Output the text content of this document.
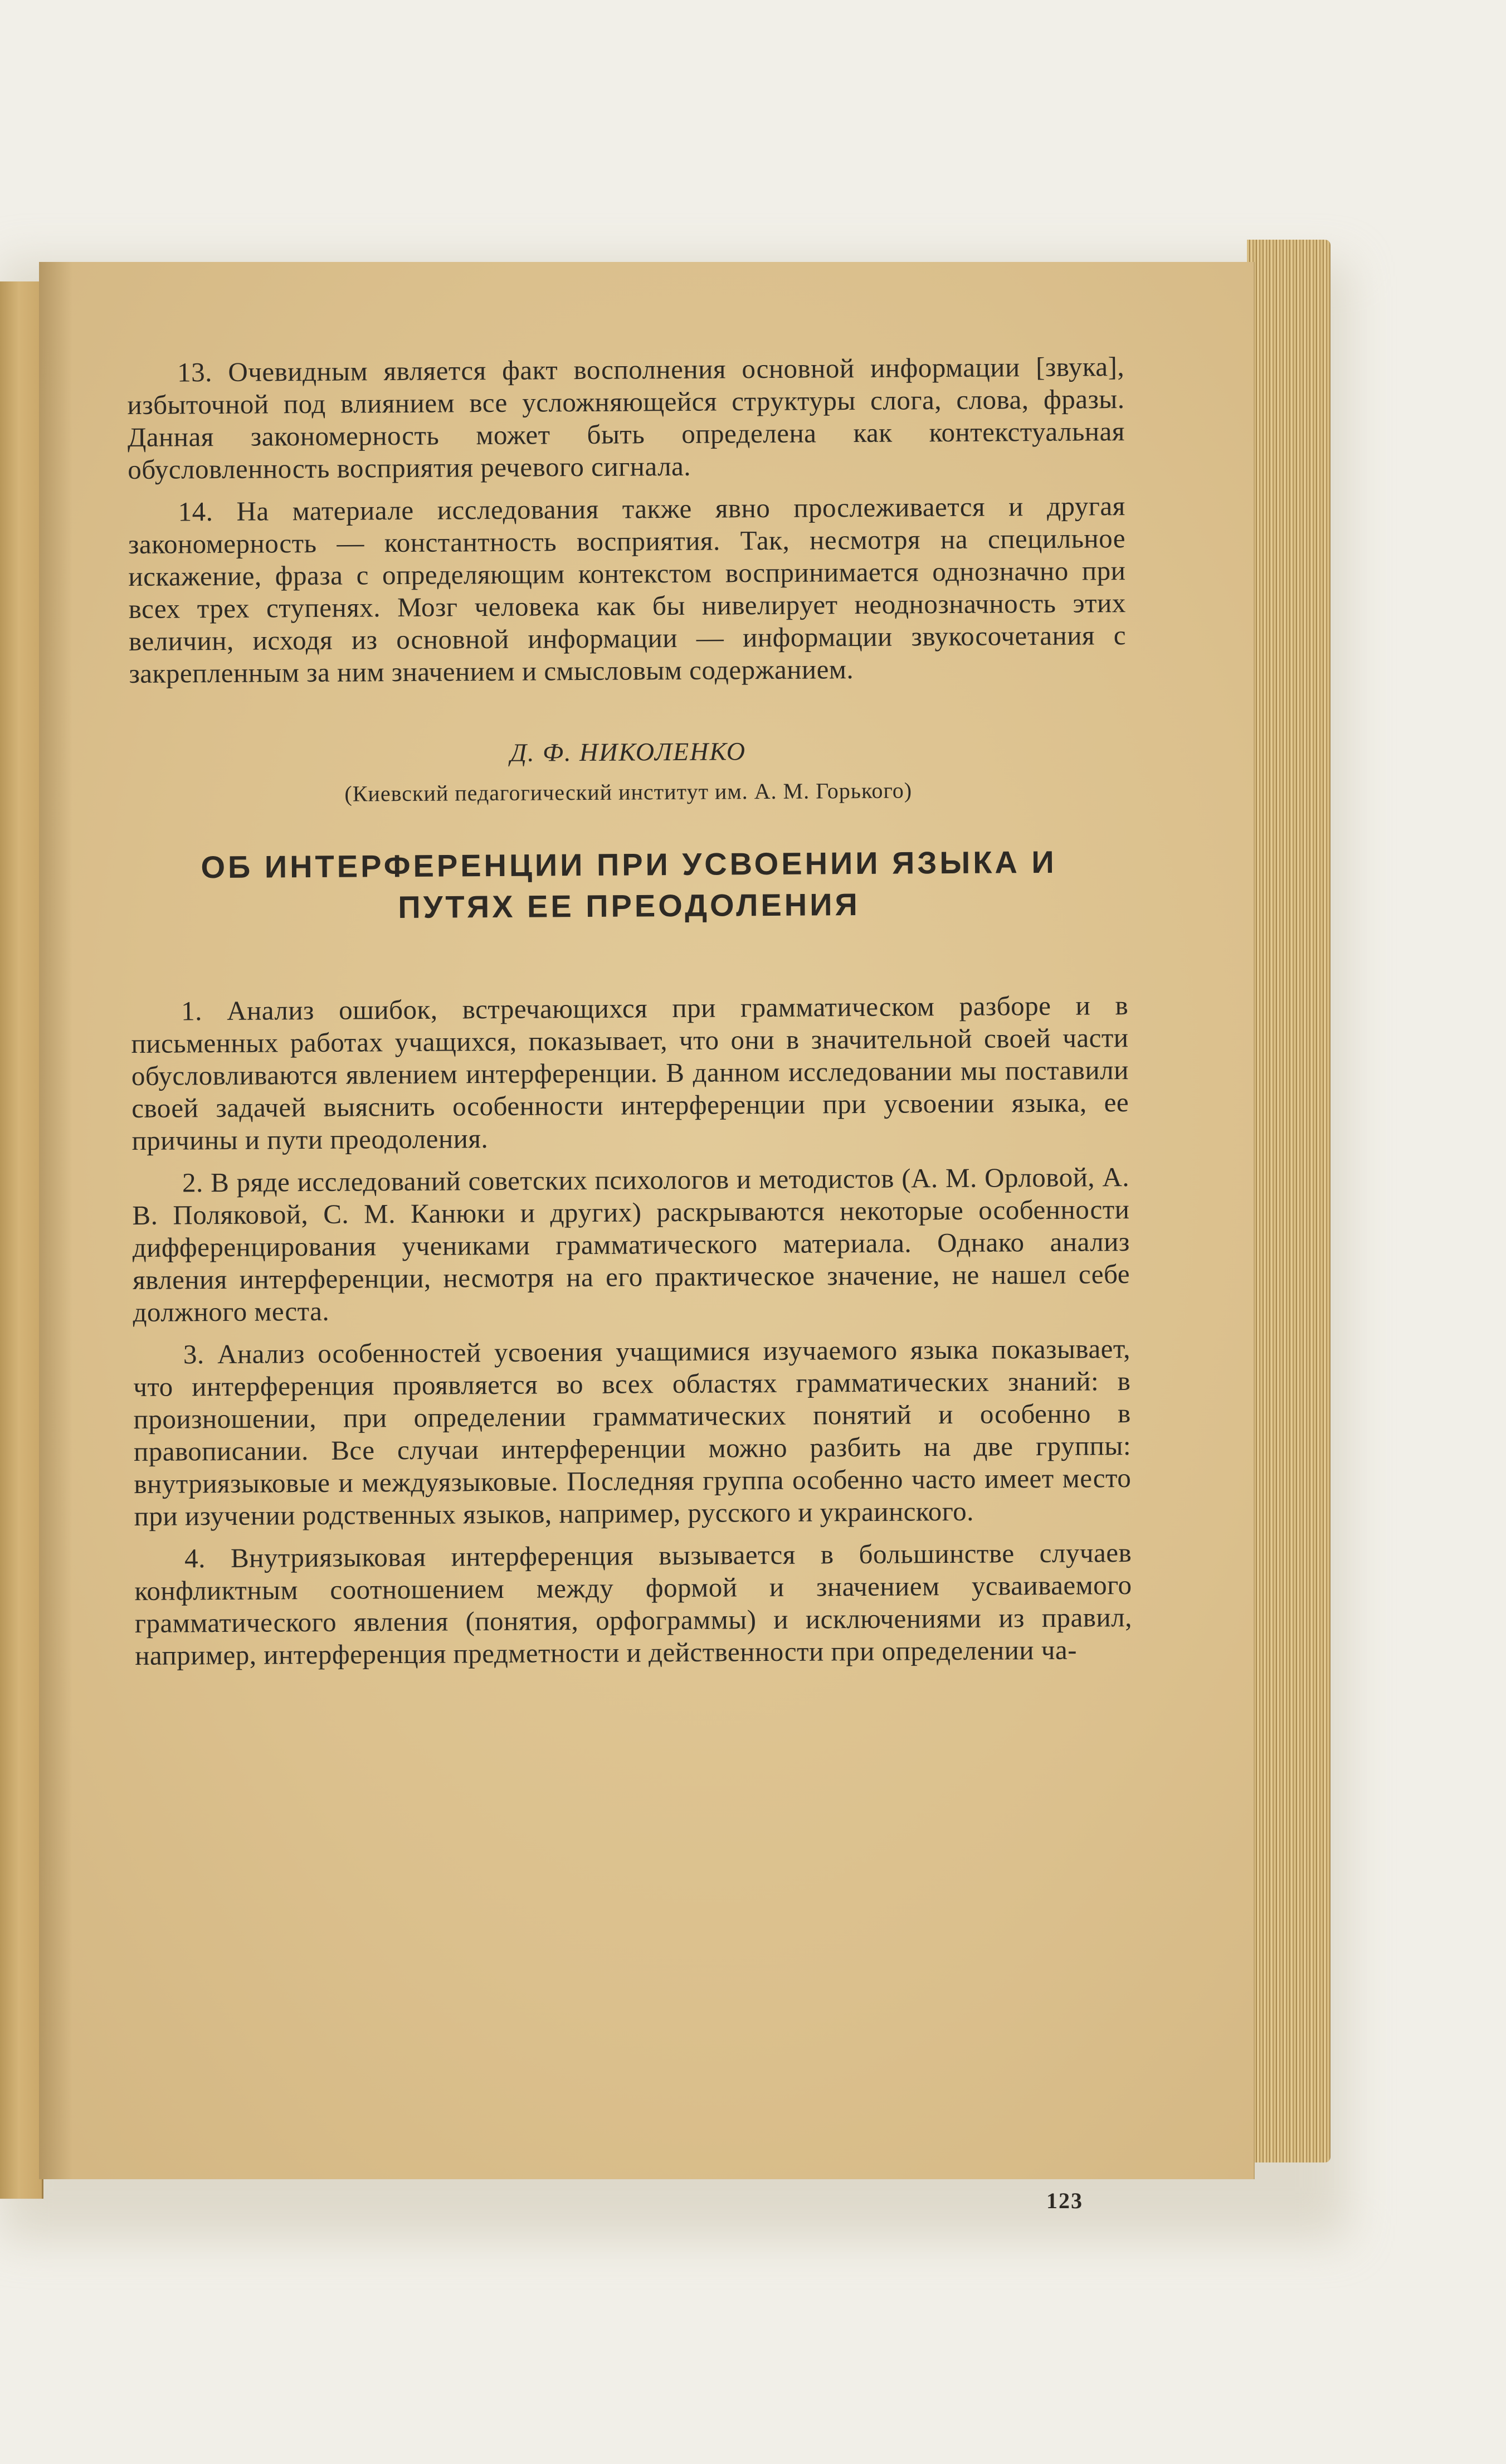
13. Очевидным является факт восполнения основной информации [звука], избыточной под влиянием все усложняющейся структуры слога, слова, фразы. Данная закономерность может быть определена как контекстуальная обусловленность восприятия речевого сигнала.

14. На материале исследования также явно прослеживается и другая закономерность — константность восприятия. Так, несмотря на специльное искажение, фраза с определяющим контекстом воспринимается однозначно при всех трех ступенях. Мозг человека как бы нивелирует неоднозначность этих величин, исходя из основной информации — информации звукосочетания с закрепленным за ним значением и смысловым содержанием.

Д. Ф. НИКОЛЕНКО
(Киевский педагогический институт им. А. М. Горького)
ОБ ИНТЕРФЕРЕНЦИИ ПРИ УСВОЕНИИ ЯЗЫКА И
ПУТЯХ ЕЕ ПРЕОДОЛЕНИЯ

1. Анализ ошибок, встречающихся при грамматическом разборе и в письменных работах учащихся, показывает, что они в значительной своей части обусловливаются явлением интерференции. В данном исследовании мы поставили своей задачей выяснить особенности интерференции при усвоении языка, ее причины и пути преодоления.

2. В ряде исследований советских психологов и методистов (А. М. Орловой, А. В. Поляковой, С. М. Канюки и других) раскрываются некоторые особенности дифференцирования учениками грамматического материала. Однако анализ явления интерференции, несмотря на его практическое значение, не нашел себе должного места.

3. Анализ особенностей усвоения учащимися изучаемого языка показывает, что интерференция проявляется во всех областях грамматических знаний: в произношении, при определении грамматических понятий и особенно в правописании. Все случаи интерференции можно разбить на две группы: внутриязыковые и междуязыковые. Последняя группа особенно часто имеет место при изучении родственных языков, например, русского и украинского.

4. Внутриязыковая интерференция вызывается в большинстве случаев конфликтным соотношением между формой и значением усваиваемого грамматического явления (понятия, орфограммы) и исключениями из правил, например, интерференция предметности и действенности при определении ча-

123
